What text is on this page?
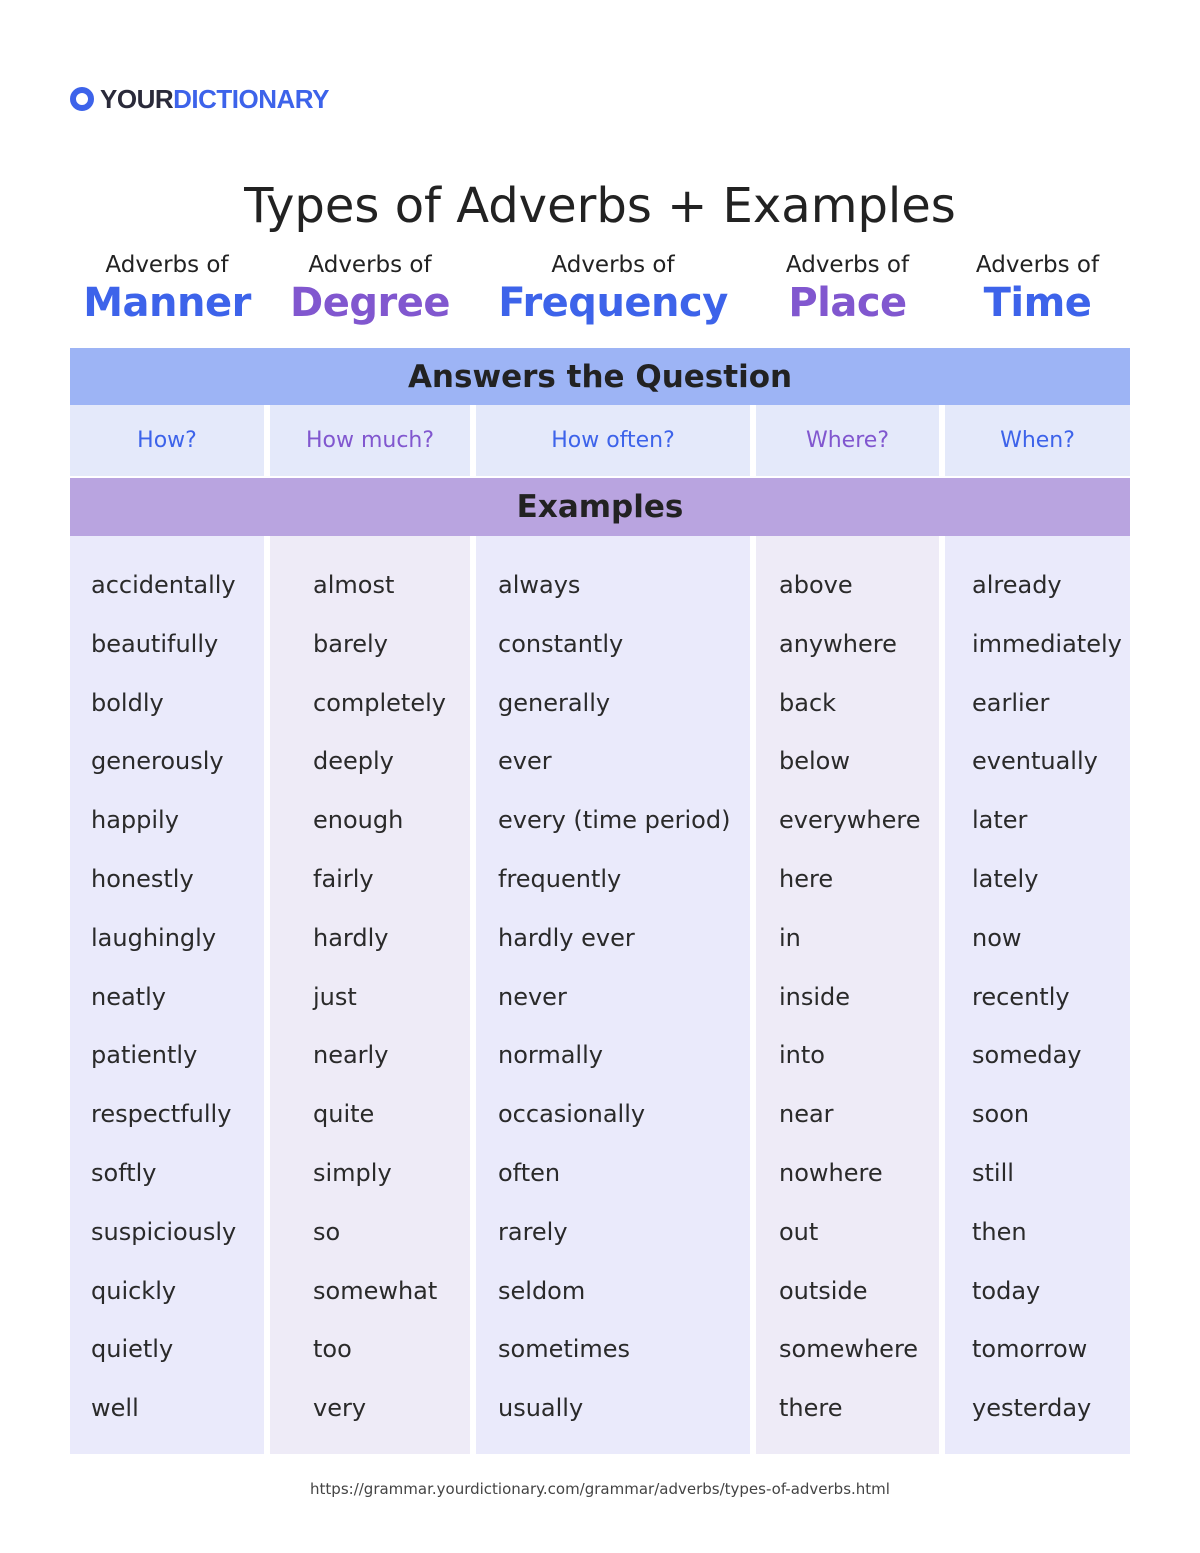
YOURDICTIONARY
Types of Adverbs + Examples
Adverbs of
Manner
How?
accidentally
beautifully
boldly
generously
happily
honestly
laughingly
neatly
patiently
respectfully
softly
suspiciously
quickly
quietly
well
Adverbs of
Degree
How much?
almost
barely
completely
deeply
enough
fairly
hardly
just
nearly
quite
simply
so
somewhat
too
very
Adverbs of
Frequency
How often?
always
constantly
generally
ever
every (time period)
frequently
hardly ever
never
normally
occasionally
often
rarely
seldom
sometimes
usually
Adverbs of
Place
Where?
above
anywhere
back
below
everywhere
here
in
inside
into
near
nowhere
out
outside
somewhere
there
Adverbs of
Time
When?
already
immediately
earlier
eventually
later
lately
now
recently
someday
soon
still
then
today
tomorrow
yesterday
Answers the Question
Examples
https://grammar.yourdictionary.com/grammar/adverbs/types-of-adverbs.html
